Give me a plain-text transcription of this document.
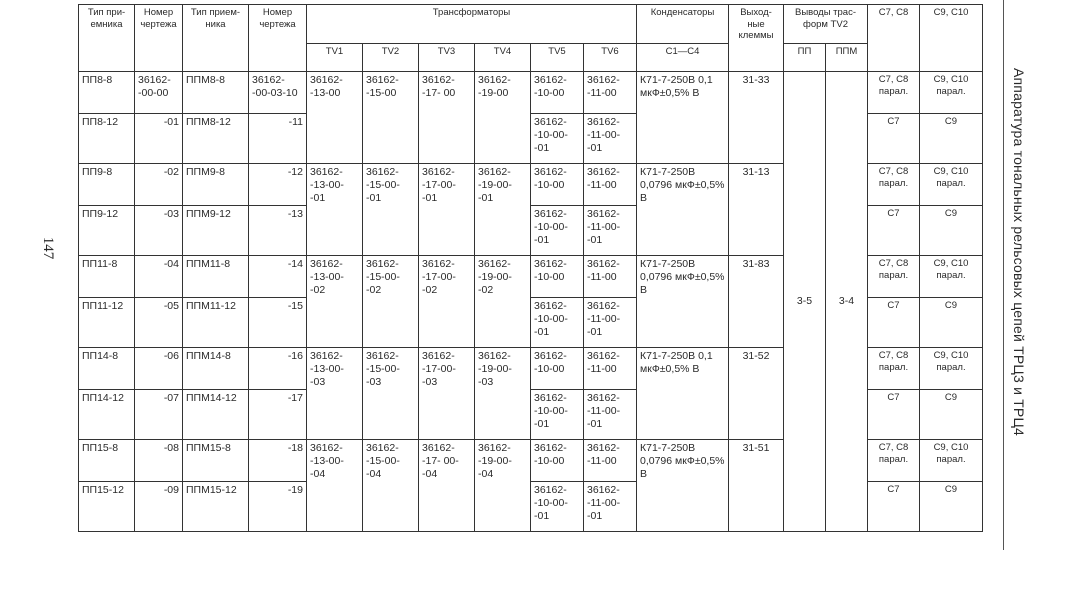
147	Аппаратура тональных рельсовых цепей ТРЦ3 и ТРЦ4
Тип при-емника	Номер чертежа	Тип прием-ника	Номер чертежа	Трансформаторы						Конденсаторы	Выход-ные клеммы	Выводы трас-форм TV2		C7, C8	C9, C10
				TV1	TV2	TV3	TV4	TV5	TV6	C1—C4		ПП	ППМ		
ПП8-8	36162- -00-00	ППМ8-8	36162- -00-03-10	36162- -13-00	36162- -15-00	36162- -17- 00	36162- -19-00	36162- -10-00	36162- -11-00	К71-7-250В 0,1 мкФ±0,5% В	31-33	3-5	3-4	C7, C8 парал.	C9, C10 парал.
ПП8-12	-01	ППМ8-12	-11					36162- -10-00- -01	36162- -11-00- -01					C7	C9
ПП9-8	-02	ППМ9-8	-12	36162- -13-00- -01	36162- -15-00- -01	36162- -17-00- -01	36162- -19-00- -01	36162- -10-00	36162- -11-00	К71-7-250В 0,0796 мкФ±0,5% В	31-13			C7, C8 парал.	C9, C10 парал.
ПП9-12	-03	ППМ9-12	-13					36162- -10-00- -01	36162- -11-00- -01					C7	C9
ПП11-8	-04	ППМ11-8	-14	36162- -13-00- -02	36162- -15-00- -02	36162- -17-00- -02	36162- -19-00- -02	36162- -10-00	36162- -11-00	К71-7-250В 0,0796 мкФ±0,5% В	31-83			C7, C8 парал.	C9, C10 парал.
ПП11-12	-05	ППМ11-12	-15					36162- -10-00- -01	36162- -11-00- -01					C7	C9
ПП14-8	-06	ППМ14-8	-16	36162- -13-00- -03	36162- -15-00- -03	36162- -17-00- -03	36162- -19-00- -03	36162- -10-00	36162- -11-00	К71-7-250В 0,1 мкФ±0,5% В	31-52			C7, C8 парал.	C9, C10 парал.
ПП14-12	-07	ППМ14-12	-17					36162- -10-00- -01	36162- -11-00- -01					C7	C9
ПП15-8	-08	ППМ15-8	-18	36162- -13-00- -04	36162- -15-00- -04	36162- -17- 00- -04	36162- -19-00- -04	36162- -10-00	36162- -11-00	К71-7-250В 0,0796 мкФ±0,5% В	31-51			C7, C8 парал.	C9, C10 парал.
ПП15-12	-09	ППМ15-12	-19					36162- -10-00- -01	36162- -11-00- -01					C7	C9
